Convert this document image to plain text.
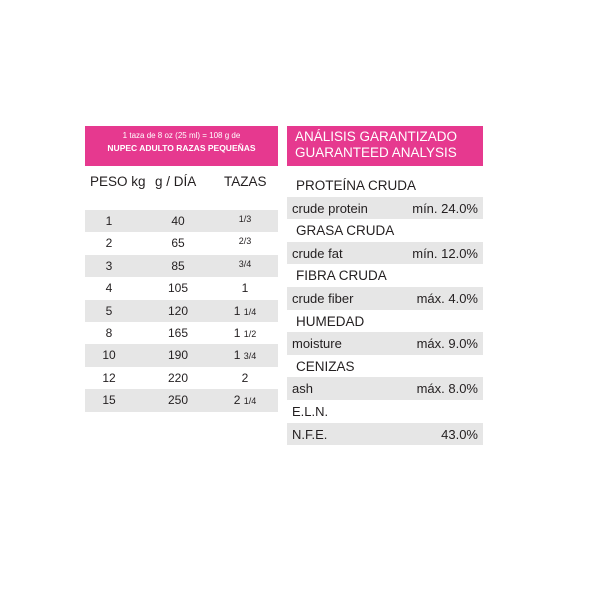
1 taza de 8 oz (25 ml) = 108 g de
NUPEC ADULTO RAZAS PEQUEÑAS
PESO kg g / DÍA TAZAS
1	40	1/3
2	65	2/3
3	85	3/4
4	105	1
5	120	1 1/4
8	165	1 1/2
10	190	1 3/4
12	220	2
15	250	2 1/4
ANÁLISIS GARANTIZADO
GUARANTEED ANALYSIS
PROTEÍNA CRUDA
crude protein	mín. 24.0%
GRASA CRUDA
crude fat	mín. 12.0%
FIBRA CRUDA
crude fiber	máx. 4.0%
HUMEDAD
moisture	máx. 9.0%
CENIZAS
ash	máx. 8.0%
E.L.N.
N.F.E.	43.0%
